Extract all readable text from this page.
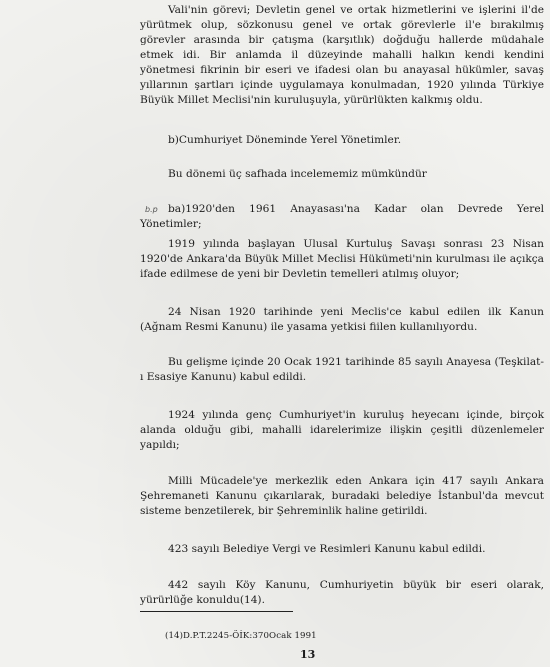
Vali'nin görevi; Devletin genel ve ortak hizmetlerini ve işlerini il'de yürütmek olup, sözkonusu genel ve ortak görevlerle il'e bırakılmış görevler arasında bir çatışma (karşıtlık) doğduğu hallerde müdahale etmek idi. Bir anlamda il düzeyinde mahalli halkın kendi kendini yönetmesi fikrinin bir eseri ve ifadesi olan bu anayasal hükümler, savaş yıllarının şartları içinde uygulamaya konulmadan, 1920 yılında Türkiye Büyük Millet Meclisi'nin kuruluşuyla, yürürlükten kalkmış oldu.

b)Cumhuriyet Döneminde Yerel Yönetimler.

Bu dönemi üç safhada incelememiz mümkündür

b.p ba)1920'den 1961 Anayasası'na Kadar olan Devrede Yerel Yönetimler;

1919 yılında başlayan Ulusal Kurtuluş Savaşı sonrası 23 Nisan 1920'de Ankara'da Büyük Millet Meclisi Hükümeti'nin kurulması ile açıkça ifade edilmese de yeni bir Devletin temelleri atılmış oluyor;

24 Nisan 1920 tarihinde yeni Meclis'ce kabul edilen ilk Kanun (Ağnam Resmi Kanunu) ile yasama yetkisi fiilen kullanılıyordu.

Bu gelişme içinde 20 Ocak 1921 tarihinde 85 sayılı Anayesa (Teşkilat-ı Esasiye Kanunu) kabul edildi.

1924 yılında genç Cumhuriyet'in kuruluş heyecanı içinde, birçok alanda olduğu gibi, mahalli idarelerimize ilişkin çeşitli düzenlemeler yapıldı;

Milli Mücadele'ye merkezlik eden Ankara için 417 sayılı Ankara Şehremaneti Kanunu çıkarılarak, buradaki belediye İstanbul'da mevcut sisteme benzetilerek, bir Şehreminlik haline getirildi.

423 sayılı Belediye Vergi ve Resimleri Kanunu kabul edildi.

442 sayılı Köy Kanunu, Cumhuriyetin büyük bir eseri olarak, yürürlüğe konuldu(14).

(14)D.P.T.2245-ÖİK:370Ocak 1991
13
